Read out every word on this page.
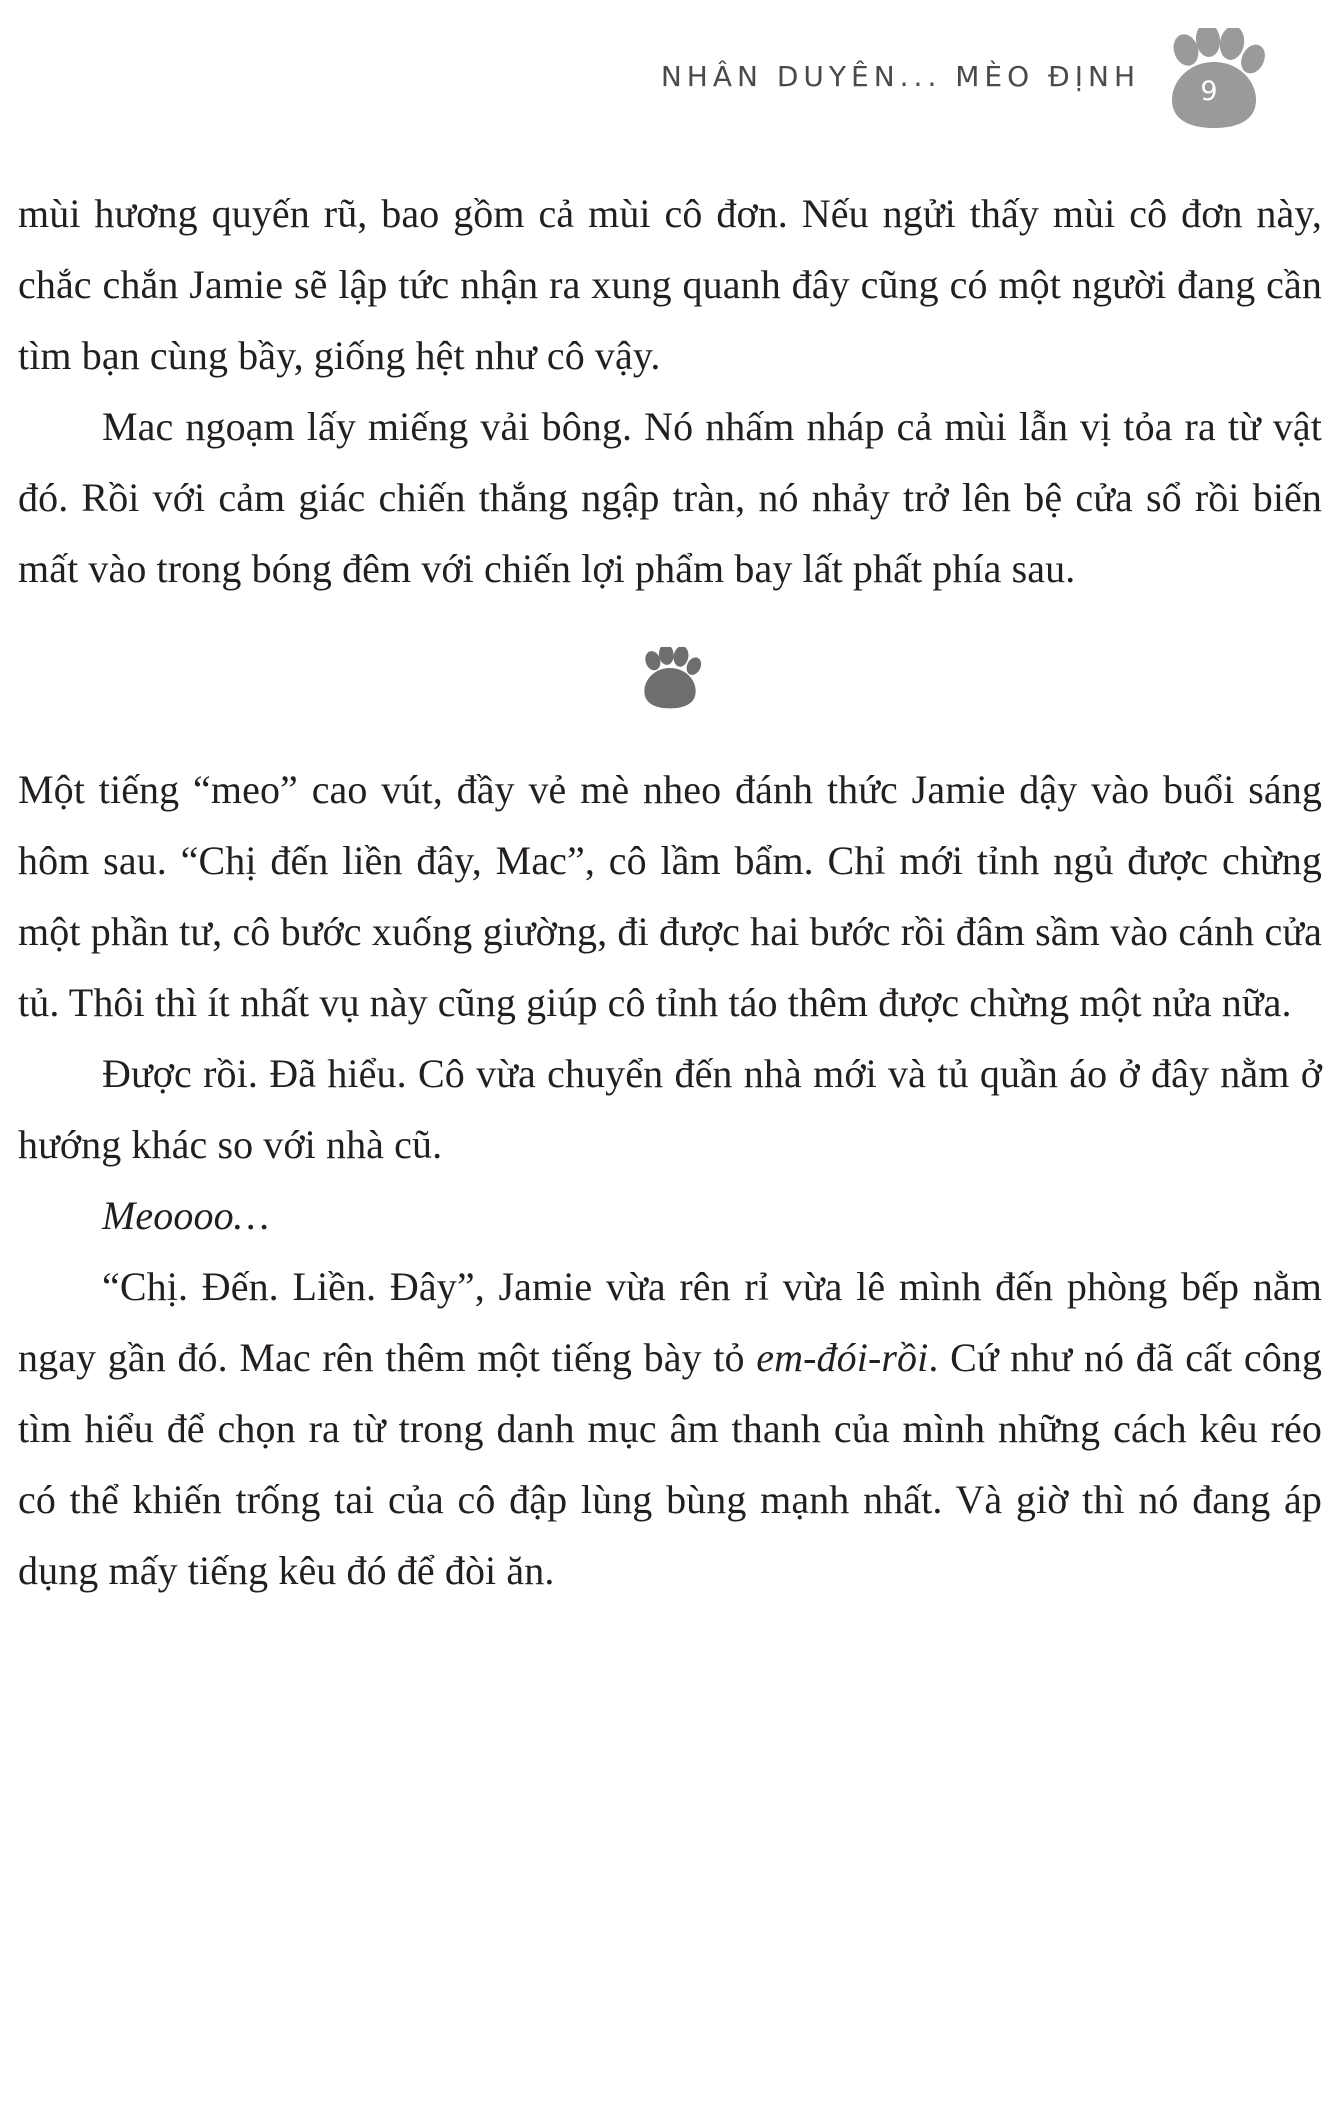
NHÂN DUYÊN... MÈO ĐỊNH 9

mùi hương quyến rũ, bao gồm cả mùi cô đơn. Nếu ngửi thấy mùi cô đơn này, chắc chắn Jamie sẽ lập tức nhận ra xung quanh đây cũng có một người đang cần tìm bạn cùng bầy, giống hệt như cô vậy.

Mac ngoạm lấy miếng vải bông. Nó nhấm nháp cả mùi lẫn vị tỏa ra từ vật đó. Rồi với cảm giác chiến thắng ngập tràn, nó nhảy trở lên bệ cửa sổ rồi biến mất vào trong bóng đêm với chiến lợi phẩm bay lất phất phía sau.

Một tiếng “meo” cao vút, đầy vẻ mè nheo đánh thức Jamie dậy vào buổi sáng hôm sau. “Chị đến liền đây, Mac”, cô lầm bẩm. Chỉ mới tỉnh ngủ được chừng một phần tư, cô bước xuống giường, đi được hai bước rồi đâm sầm vào cánh cửa tủ. Thôi thì ít nhất vụ này cũng giúp cô tỉnh táo thêm được chừng một nửa nữa.

Được rồi. Đã hiểu. Cô vừa chuyển đến nhà mới và tủ quần áo ở đây nằm ở hướng khác so với nhà cũ.

Meoooo…

“Chị. Đến. Liền. Đây”, Jamie vừa rên rỉ vừa lê mình đến phòng bếp nằm ngay gần đó. Mac rên thêm một tiếng bày tỏ em-đói-rồi. Cứ như nó đã cất công tìm hiểu để chọn ra từ trong danh mục âm thanh của mình những cách kêu réo có thể khiến trống tai của cô đập lùng bùng mạnh nhất. Và giờ thì nó đang áp dụng mấy tiếng kêu đó để đòi ăn.
